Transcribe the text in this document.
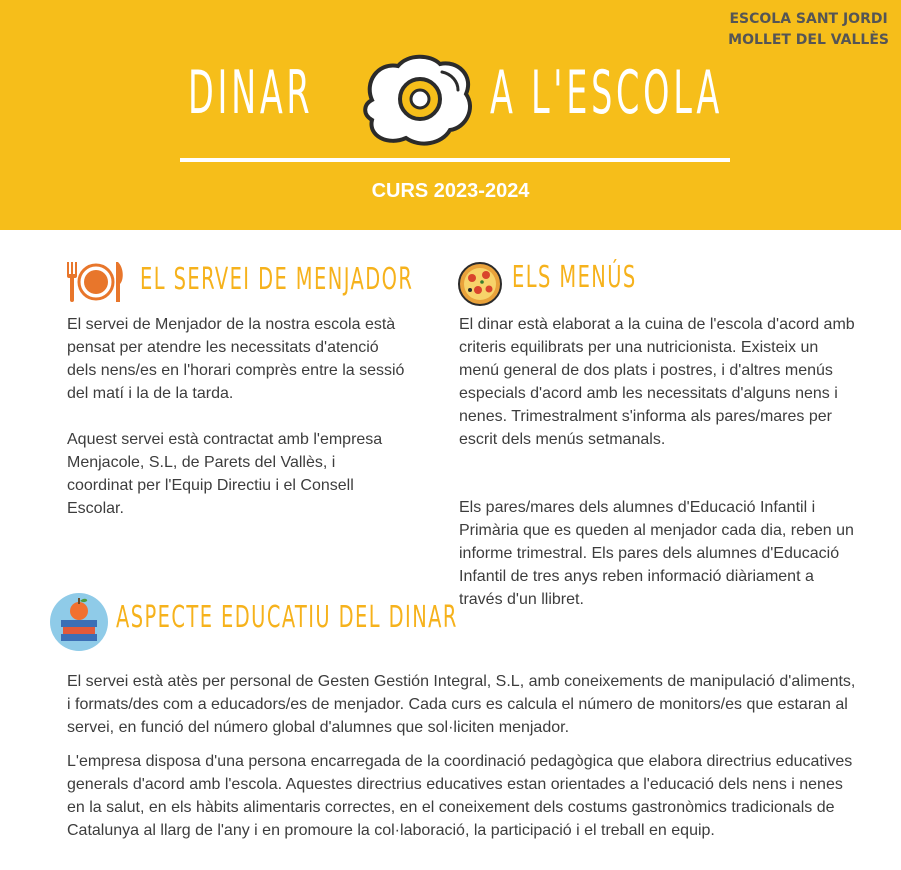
ESCOLA SANT JORDI
MOLLET DEL VALLÈS
DINAR	A L'ESCOLA
CURS 2023-2024
EL SERVEI DE MENJADOR

El servei de Menjador de la nostra escola està pensat per atendre les necessitats d'atenció dels nens/es en l'horari comprès entre la sessió del matí i la de la tarda.

Aquest servei està contractat amb l'empresa Menjacole, S.L, de Parets del Vallès, i coordinat per l'Equip Directiu i el Consell Escolar.

ELS MENÚS

El dinar està elaborat a la cuina de l'escola d'acord amb criteris equilibrats per una nutricionista. Existeix un menú general de dos plats i postres, i d'altres menús especials d'acord amb les necessitats d'alguns nens i nenes. Trimestralment s'informa als pares/mares per escrit dels menús setmanals.

Els pares/mares dels alumnes d'Educació Infantil i Primària que es queden al menjador cada dia, reben un informe trimestral. Els pares dels alumnes d'Educació Infantil de tres anys reben informació diàriament a través d'un llibret.

ASPECTE EDUCATIU DEL DINAR

El servei està atès per personal de Gesten Gestión Integral, S.L, amb coneixements de manipulació d'aliments, i formats/des com a educadors/es de menjador. Cada curs es calcula el número de monitors/es que estaran al servei, en funció del número global d'alumnes que sol·liciten menjador.

L'empresa disposa d'una persona encarregada de la coordinació pedagògica que elabora directrius educatives generals d'acord amb l'escola. Aquestes directrius educatives estan orientades a l'educació dels nens i nenes en la salut, en els hàbits alimentaris correctes, en el coneixement dels costums gastronòmics tradicionals de Catalunya al llarg de l'any i en promoure la col·laboració, la participació i el treball en equip.
